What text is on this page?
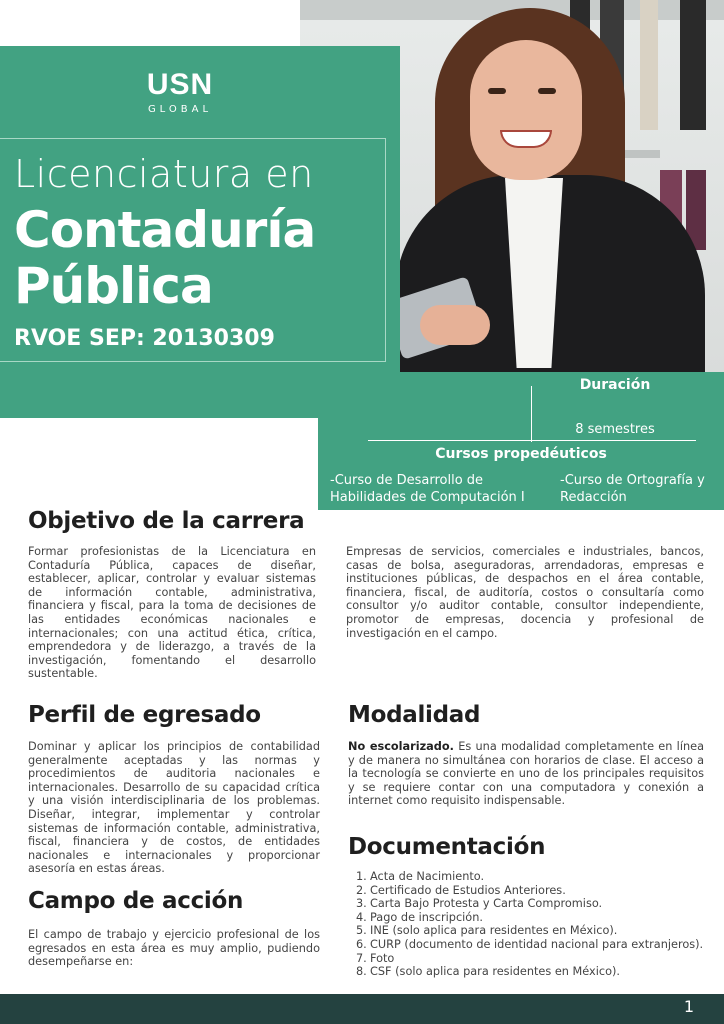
USN
GLOBAL
Licenciatura en
Contaduría
Pública
RVOE SEP: 20130309
Duración
8 semestres
Cursos propedéuticos
-Curso de Desarrollo de Habilidades de Computación I
-Curso de Ortografía y Redacción
Objetivo de la carrera

Formar profesionistas de la Licenciatura en Contaduría Pública, capaces de diseñar, establecer, aplicar, controlar y evaluar sistemas de información contable, administrativa, financiera y fiscal, para la toma de decisiones de las entidades económicas nacionales e internacionales; con una actitud ética, crítica, emprendedora y de liderazgo, a través de la investigación, fomentando el desarrollo sustentable.

Empresas de servicios, comerciales e industriales, bancos, casas de bolsa, aseguradoras, arrendadoras, empresas e instituciones públicas, de despachos en el área contable, financiera, fiscal, de auditoría, costos o consultaría como consultor y/o auditor contable, consultor independiente, promotor de empresas, docencia y profesional de investigación en el campo.

Perfil de egresado

Dominar y aplicar los principios de contabilidad generalmente aceptadas y las normas y procedimientos de auditoria nacionales e internacionales. Desarrollo de su capacidad crítica y una visión interdisciplinaria de los problemas. Diseñar, integrar, implementar y controlar sistemas de información contable, administrativa, fiscal, financiera y de costos, de entidades nacionales e internacionales y proporcionar asesoría en estas áreas.

Campo de acción

El campo de trabajo y ejercicio profesional de los egresados en esta área es muy amplio, pudiendo desempeñarse en:

Modalidad

No escolarizado. Es una modalidad completamente en línea y de manera no simultánea con horarios de clase. El acceso a la tecnología se convierte en uno de los principales requisitos y se requiere contar con una computadora y conexión a internet como requisito indispensable.

Documentación
1. Acta de Nacimiento.
2. Certificado de Estudios Anteriores.
3. Carta Bajo Protesta y Carta Compromiso.
4. Pago de inscripción.
5. INE (solo aplica para residentes en México).
6. CURP (documento de identidad nacional para extranjeros).
7. Foto
8. CSF (solo aplica para residentes en México).
1
